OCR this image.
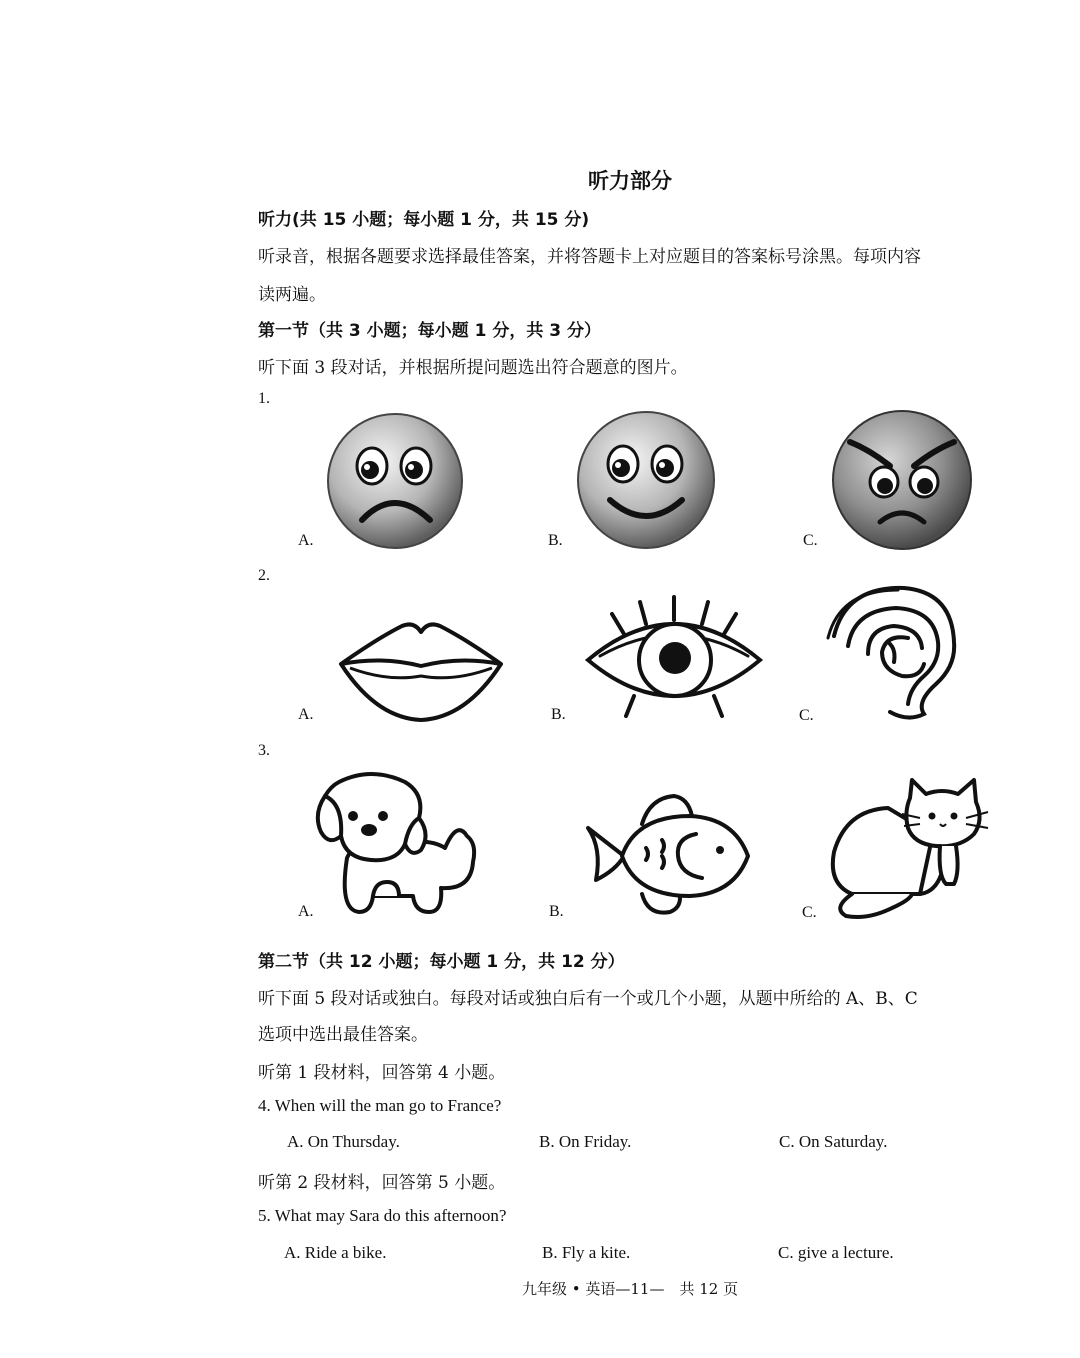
听力部分
听力(共 15 小题；每小题 1 分，共 15 分)
听录音，根据各题要求选择最佳答案，并将答题卡上对应题目的答案标号涂黑。每项内容
读两遍。
第一节（共 3 小题；每小题 1 分，共 3 分）
听下面 3 段对话，并根据所提问题选出符合题意的图片。
1.
A.	B.	C.
2.
A.	B.	C.
3.
A.	B.	C.
第二节（共 12 小题；每小题 1 分，共 12 分）
听下面 5 段对话或独白。每段对话或独白后有一个或几个小题，从题中所给的 A、B、C
选项中选出最佳答案。
听第 1 段材料，回答第 4 小题。
4. When will the man go to France?
A. On Thursday.	B. On Friday.	C. On Saturday.
听第 2 段材料，回答第 5 小题。
5. What may Sara do this afternoon?
A. Ride a bike.	B. Fly a kite.	C. give a lecture.
九年级 • 英语—11—　共 12 页
